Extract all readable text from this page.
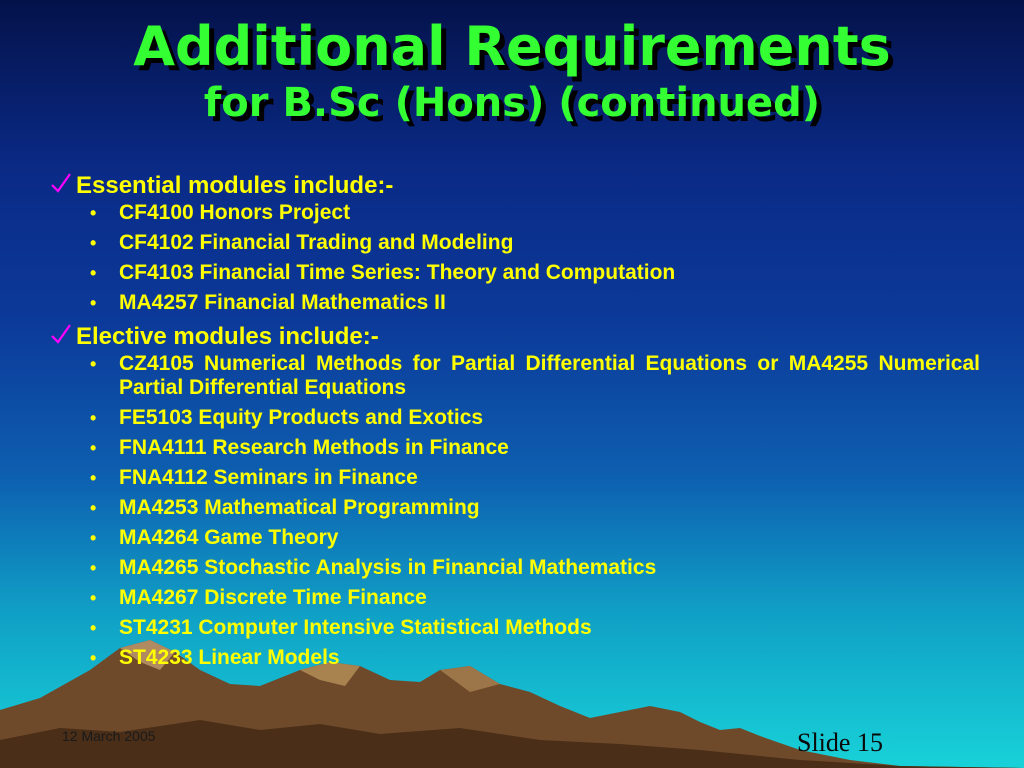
Additional Requirements
for B.Sc (Hons) (continued)
Essential modules include:-
• CF4100 Honors Project
• CF4102 Financial Trading and Modeling
• CF4103 Financial Time Series: Theory and Computation
• MA4257 Financial Mathematics II
Elective modules include:-
• CZ4105 Numerical Methods for Partial Differential Equations or MA4255 Numerical Partial Differential Equations
• FE5103 Equity Products and Exotics
• FNA4111 Research Methods in Finance
• FNA4112 Seminars in Finance
• MA4253 Mathematical Programming
• MA4264 Game Theory
• MA4265 Stochastic Analysis in Financial Mathematics
• MA4267 Discrete Time Finance
• ST4231 Computer Intensive Statistical Methods
• ST4233 Linear Models
12 March 2005	Slide 15
